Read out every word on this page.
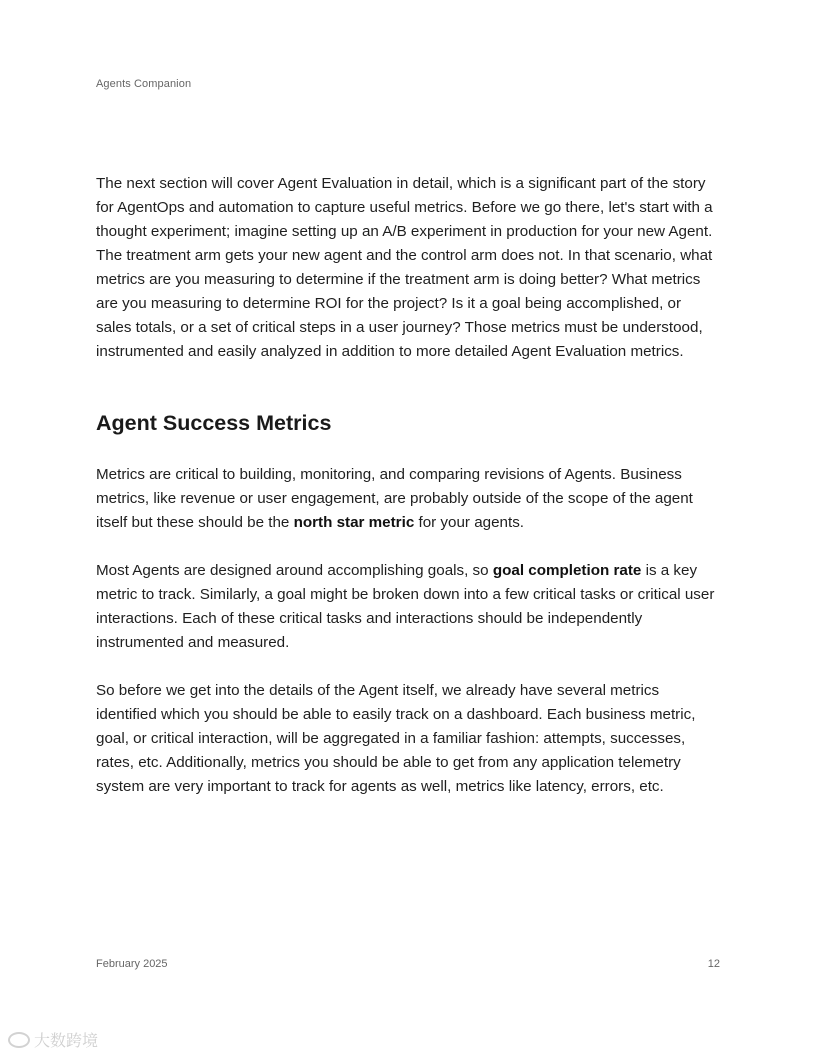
Agents Companion

The next section will cover Agent Evaluation in detail, which is a significant part of the story for AgentOps and automation to capture useful metrics. Before we go there, let's start with a thought experiment; imagine setting up an A/B experiment in production for your new Agent. The treatment arm gets your new agent and the control arm does not. In that scenario, what metrics are you measuring to determine if the treatment arm is doing better? What metrics are you measuring to determine ROI for the project? Is it a goal being accomplished, or sales totals, or a set of critical steps in a user journey? Those metrics must be understood, instrumented and easily analyzed in addition to more detailed Agent Evaluation metrics.

Agent Success Metrics

Metrics are critical to building, monitoring, and comparing revisions of Agents. Business metrics, like revenue or user engagement, are probably outside of the scope of the agent itself but these should be the north star metric for your agents.

Most Agents are designed around accomplishing goals, so goal completion rate is a key metric to track. Similarly, a goal might be broken down into a few critical tasks or critical user interactions. Each of these critical tasks and interactions should be independently instrumented and measured.

So before we get into the details of the Agent itself, we already have several metrics identified which you should be able to easily track on a dashboard. Each business metric, goal, or critical interaction, will be aggregated in a familiar fashion: attempts, successes, rates, etc. Additionally, metrics you should be able to get from any application telemetry system are very important to track for agents as well, metrics like latency, errors, etc.

February 2025	12
大数跨境
